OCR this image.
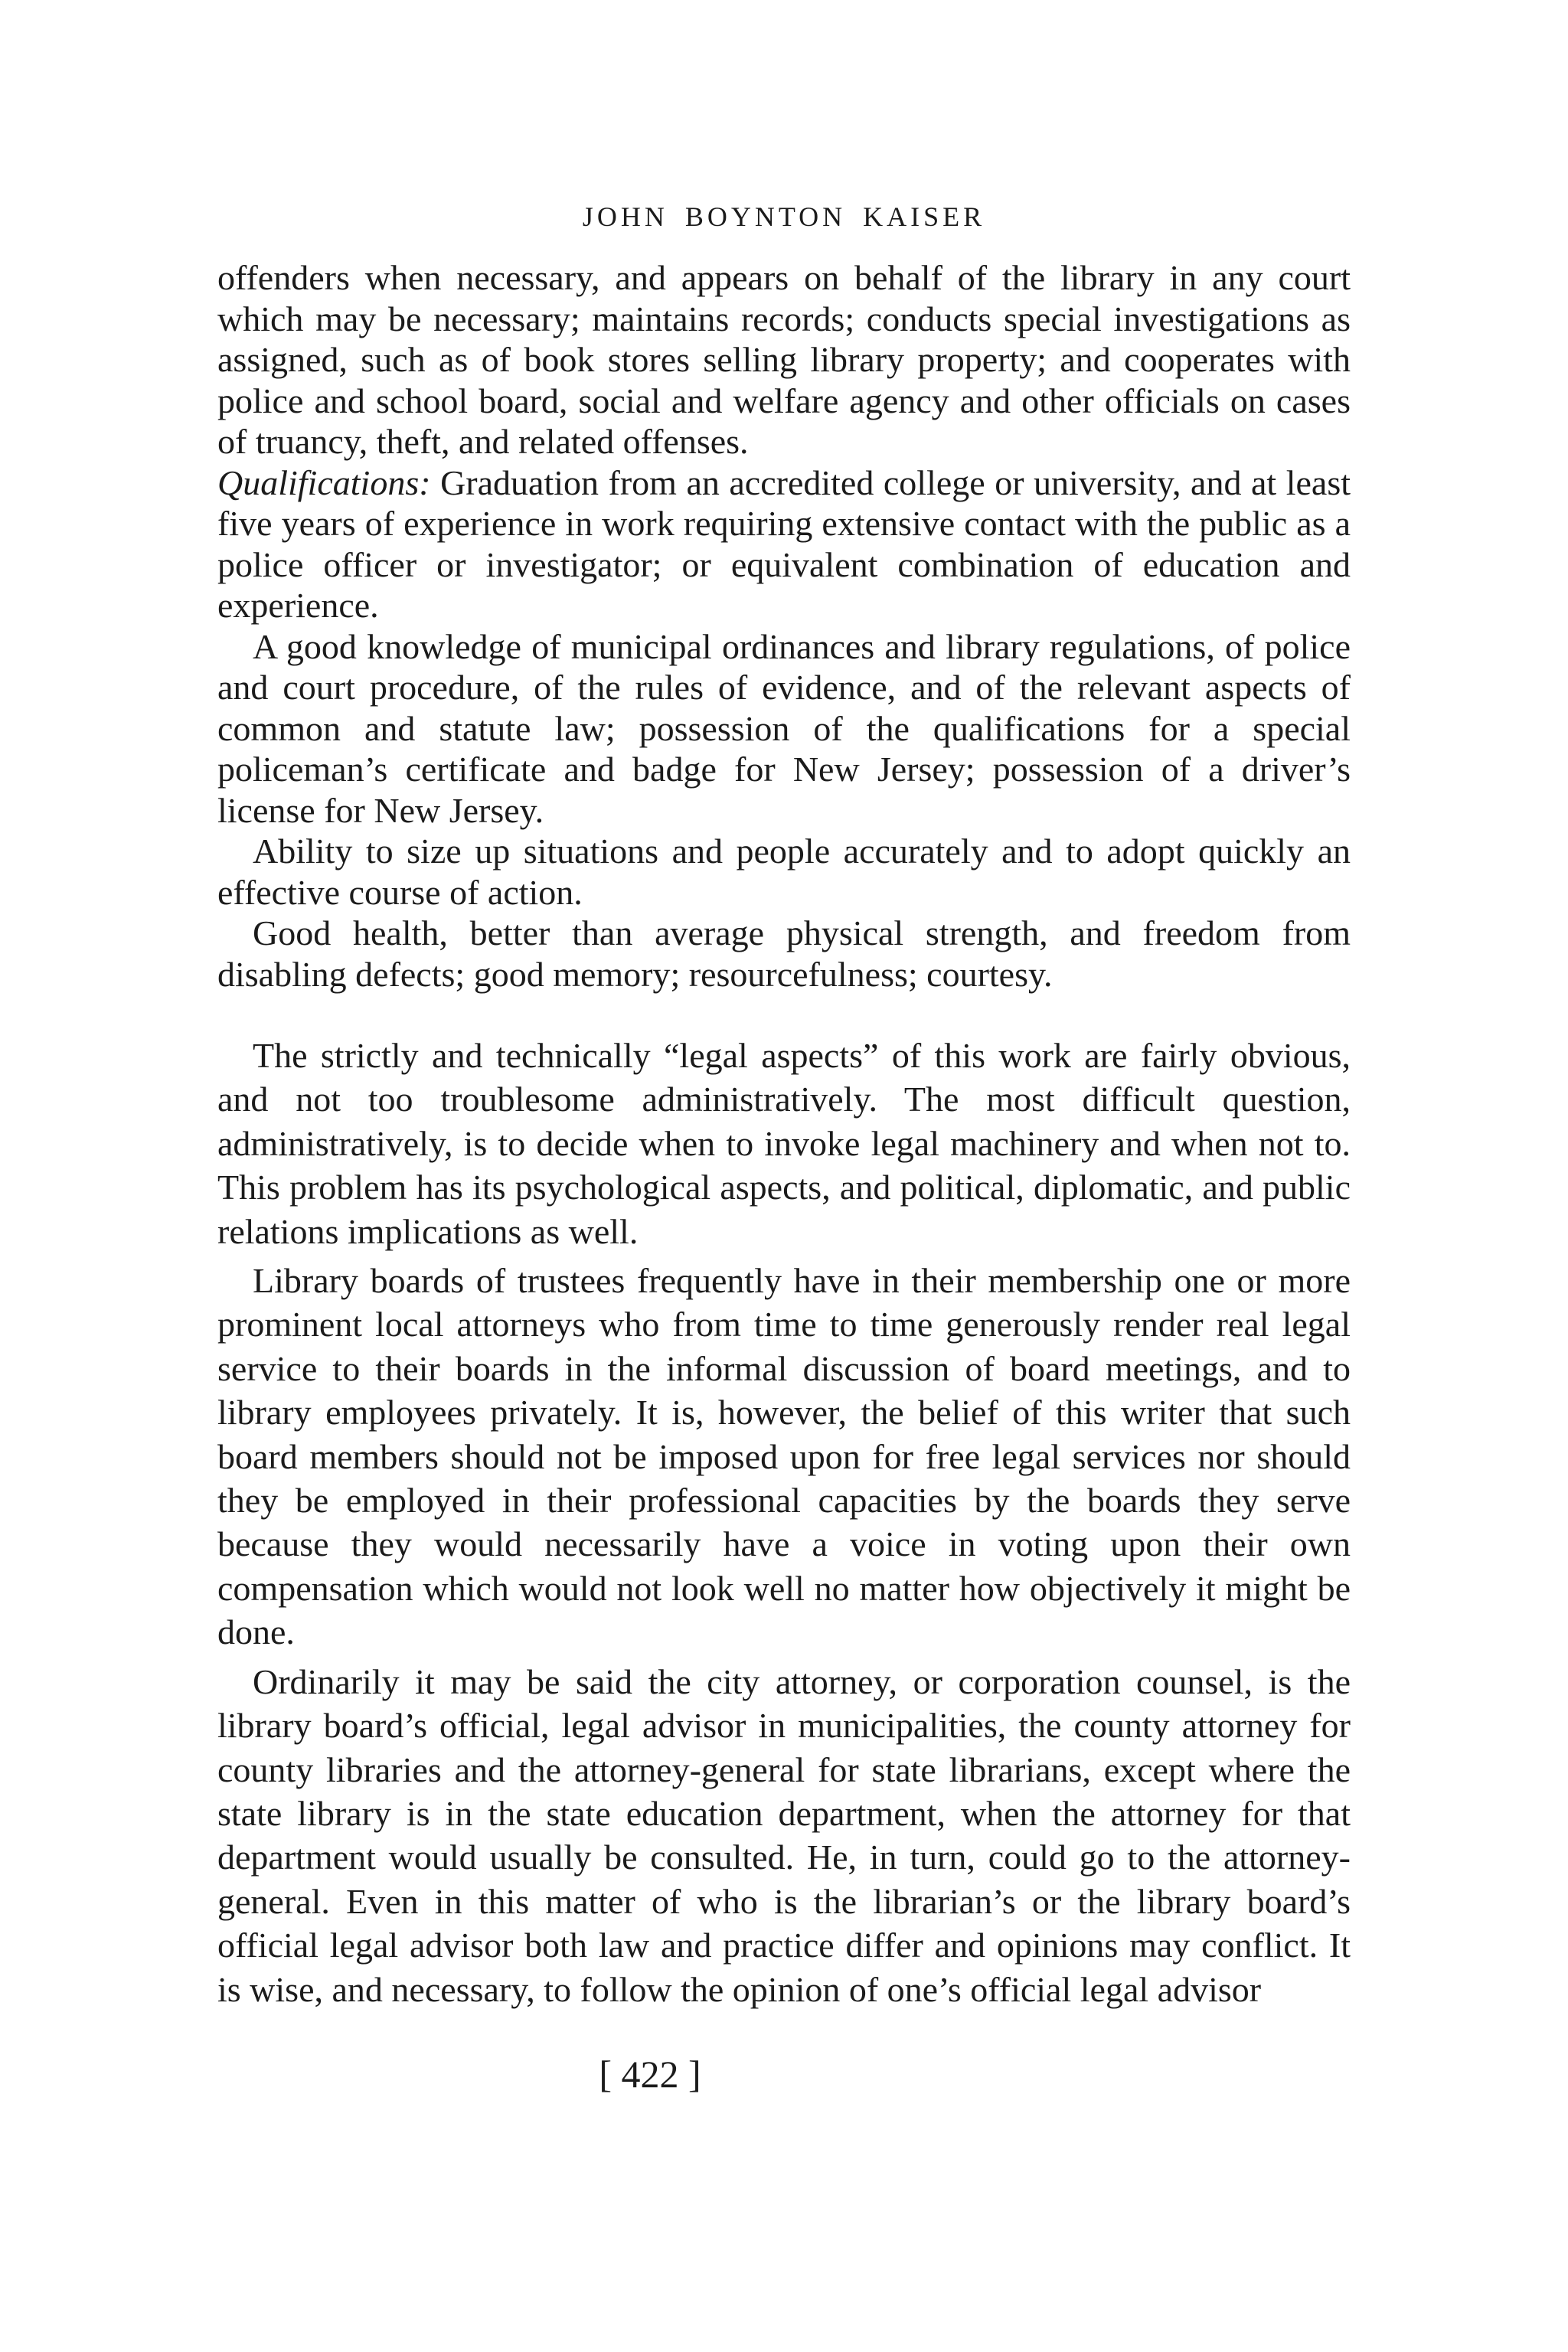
JOHN BOYNTON KAISER

offenders when necessary, and appears on behalf of the library in any court which may be necessary; maintains records; conducts special investigations as assigned, such as of book stores selling library property; and cooperates with police and school board, social and welfare agency and other officials on cases of truancy, theft, and related offenses.

Qualifications: Graduation from an accredited college or university, and at least five years of experience in work requiring extensive contact with the public as a police officer or investigator; or equivalent combination of education and experience.

A good knowledge of municipal ordinances and library regulations, of police and court procedure, of the rules of evidence, and of the relevant aspects of common and statute law; possession of the qualifications for a special policeman’s certificate and badge for New Jersey; possession of a driver’s license for New Jersey.

Ability to size up situations and people accurately and to adopt quickly an effective course of action.

Good health, better than average physical strength, and freedom from disabling defects; good memory; resourcefulness; courtesy.

The strictly and technically “legal aspects” of this work are fairly obvious, and not too troublesome administratively. The most difficult question, administratively, is to decide when to invoke legal machinery and when not to. This problem has its psychological aspects, and political, diplomatic, and public relations implications as well.

Library boards of trustees frequently have in their membership one or more prominent local attorneys who from time to time generously render real legal service to their boards in the informal discussion of board meetings, and to library employees privately. It is, however, the belief of this writer that such board members should not be imposed upon for free legal services nor should they be employed in their professional capacities by the boards they serve because they would necessarily have a voice in voting upon their own compensation which would not look well no matter how objectively it might be done.

Ordinarily it may be said the city attorney, or corporation counsel, is the library board’s official, legal advisor in municipalities, the county attorney for county libraries and the attorney-general for state librarians, except where the state library is in the state education department, when the attorney for that department would usually be consulted. He, in turn, could go to the attorney-general. Even in this matter of who is the librarian’s or the library board’s official legal advisor both law and practice differ and opinions may conflict. It is wise, and necessary, to follow the opinion of one’s official legal advisor

[ 422 ]
